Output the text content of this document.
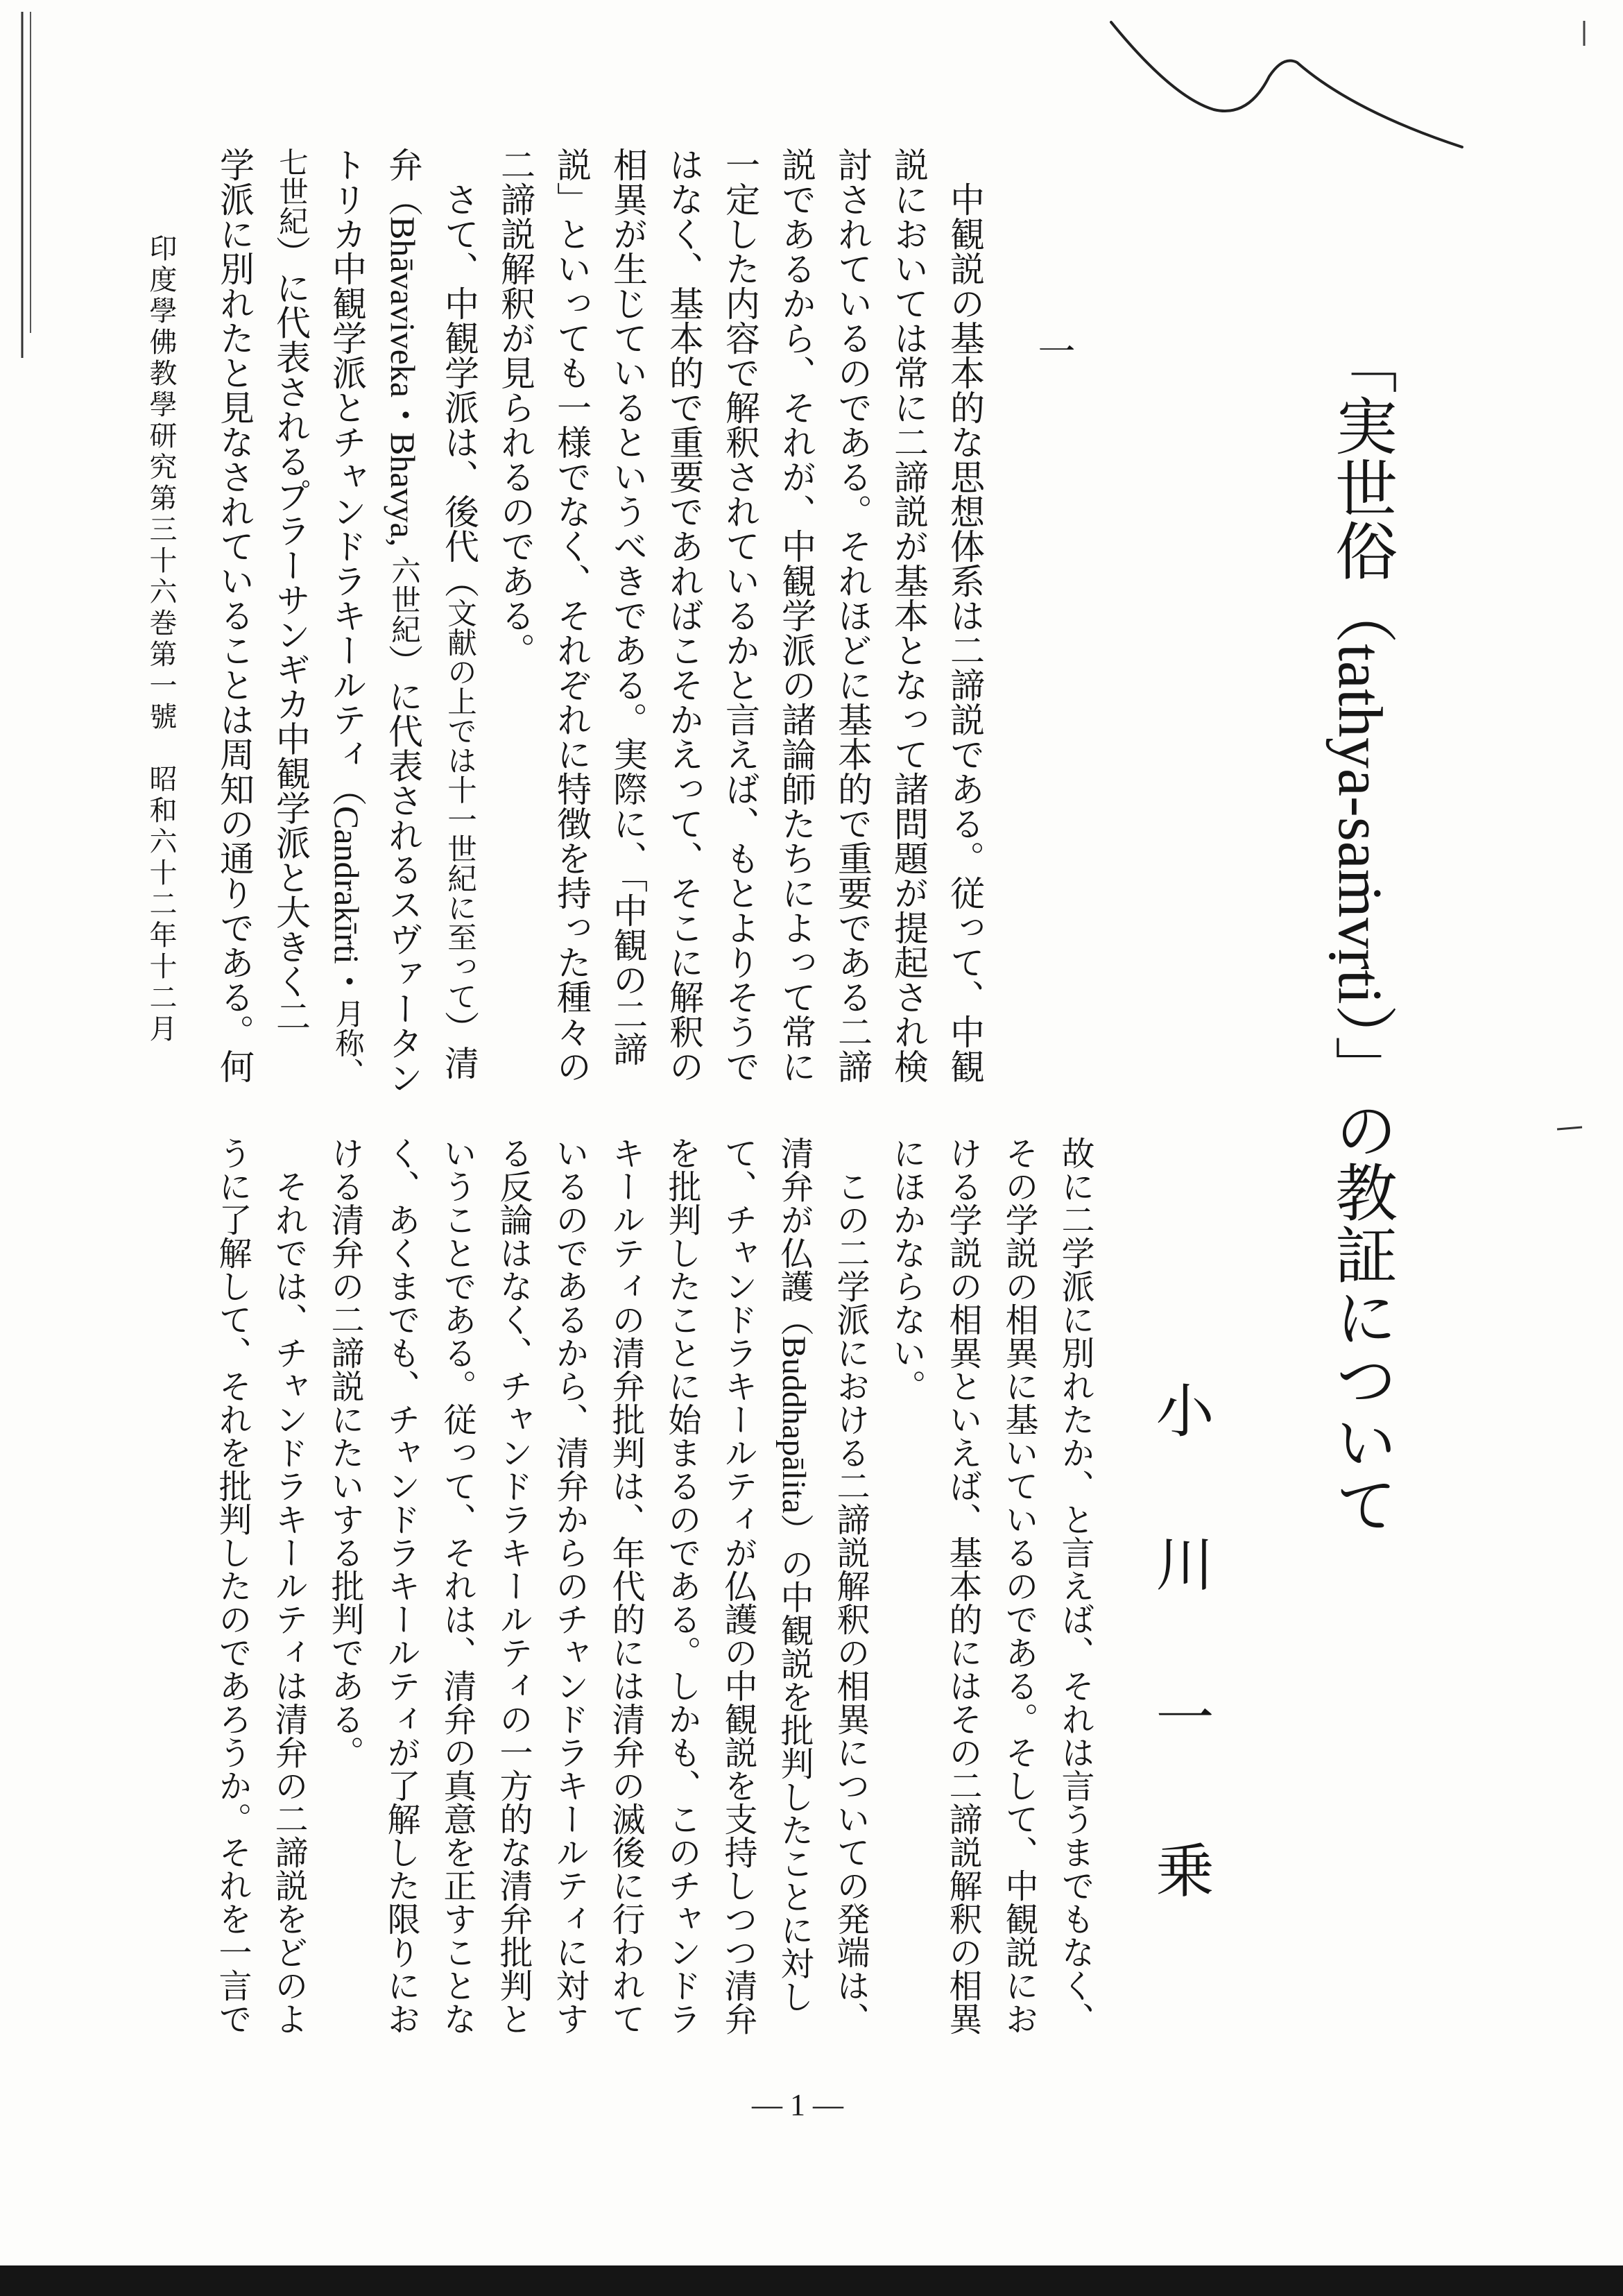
「実世俗（tathya-saṁvṛti）」の教証について
小川一乗
一
　中観説の基本的な思想体系は二諦説である。従って、中観
説においては常に二諦説が基本となって諸問題が提起され検
討されているのである。それほどに基本的で重要である二諦
説であるから、それが、中観学派の諸論師たちによって常に
一定した内容で解釈されているかと言えば、もとよりそうで
はなく、基本的で重要であればこそかえって、そこに解釈の
相異が生じているというべきである。実際に、「中観の二諦
説」といっても一様でなく、それぞれに特徴を持った種々の
二諦説解釈が見られるのである。
　さて、中観学派は、後代（文献の上では十一世紀に至って）清
弁（Bhāvaviveka・Bhavya, 六世紀）に代表されるスヴァータン
トリカ中観学派とチャンドラキールティ（Candrakīrti・月称、
七世紀）に代表されるプラーサンギカ中観学派と大きく二
学派に別れたと見なされていることは周知の通りである。何
故に二学派に別れたか、と言えば、それは言うまでもなく、
その学説の相異に基いているのである。そして、中観説にお
ける学説の相異といえば、基本的にはその二諦説解釈の相異
にほかならない。
　この二学派における二諦説解釈の相異についての発端は、
清弁が仏護（Buddhapālita）の中観説を批判したことに対し
て、チャンドラキールティが仏護の中観説を支持しつつ清弁
を批判したことに始まるのである。しかも、このチャンドラ
キールティの清弁批判は、年代的には清弁の滅後に行われて
いるのであるから、清弁からのチャンドラキールティに対す
る反論はなく、チャンドラキールティの一方的な清弁批判と
いうことである。従って、それは、清弁の真意を正すことな
く、あくまでも、チャンドラキールティが了解した限りにお
ける清弁の二諦説にたいする批判である。
　それでは、チャンドラキールティは清弁の二諦説をどのよ
うに了解して、それを批判したのであろうか。それを一言で
印度學佛教學研究第三十六巻第一號　昭和六十二年十二月
— 1 —
